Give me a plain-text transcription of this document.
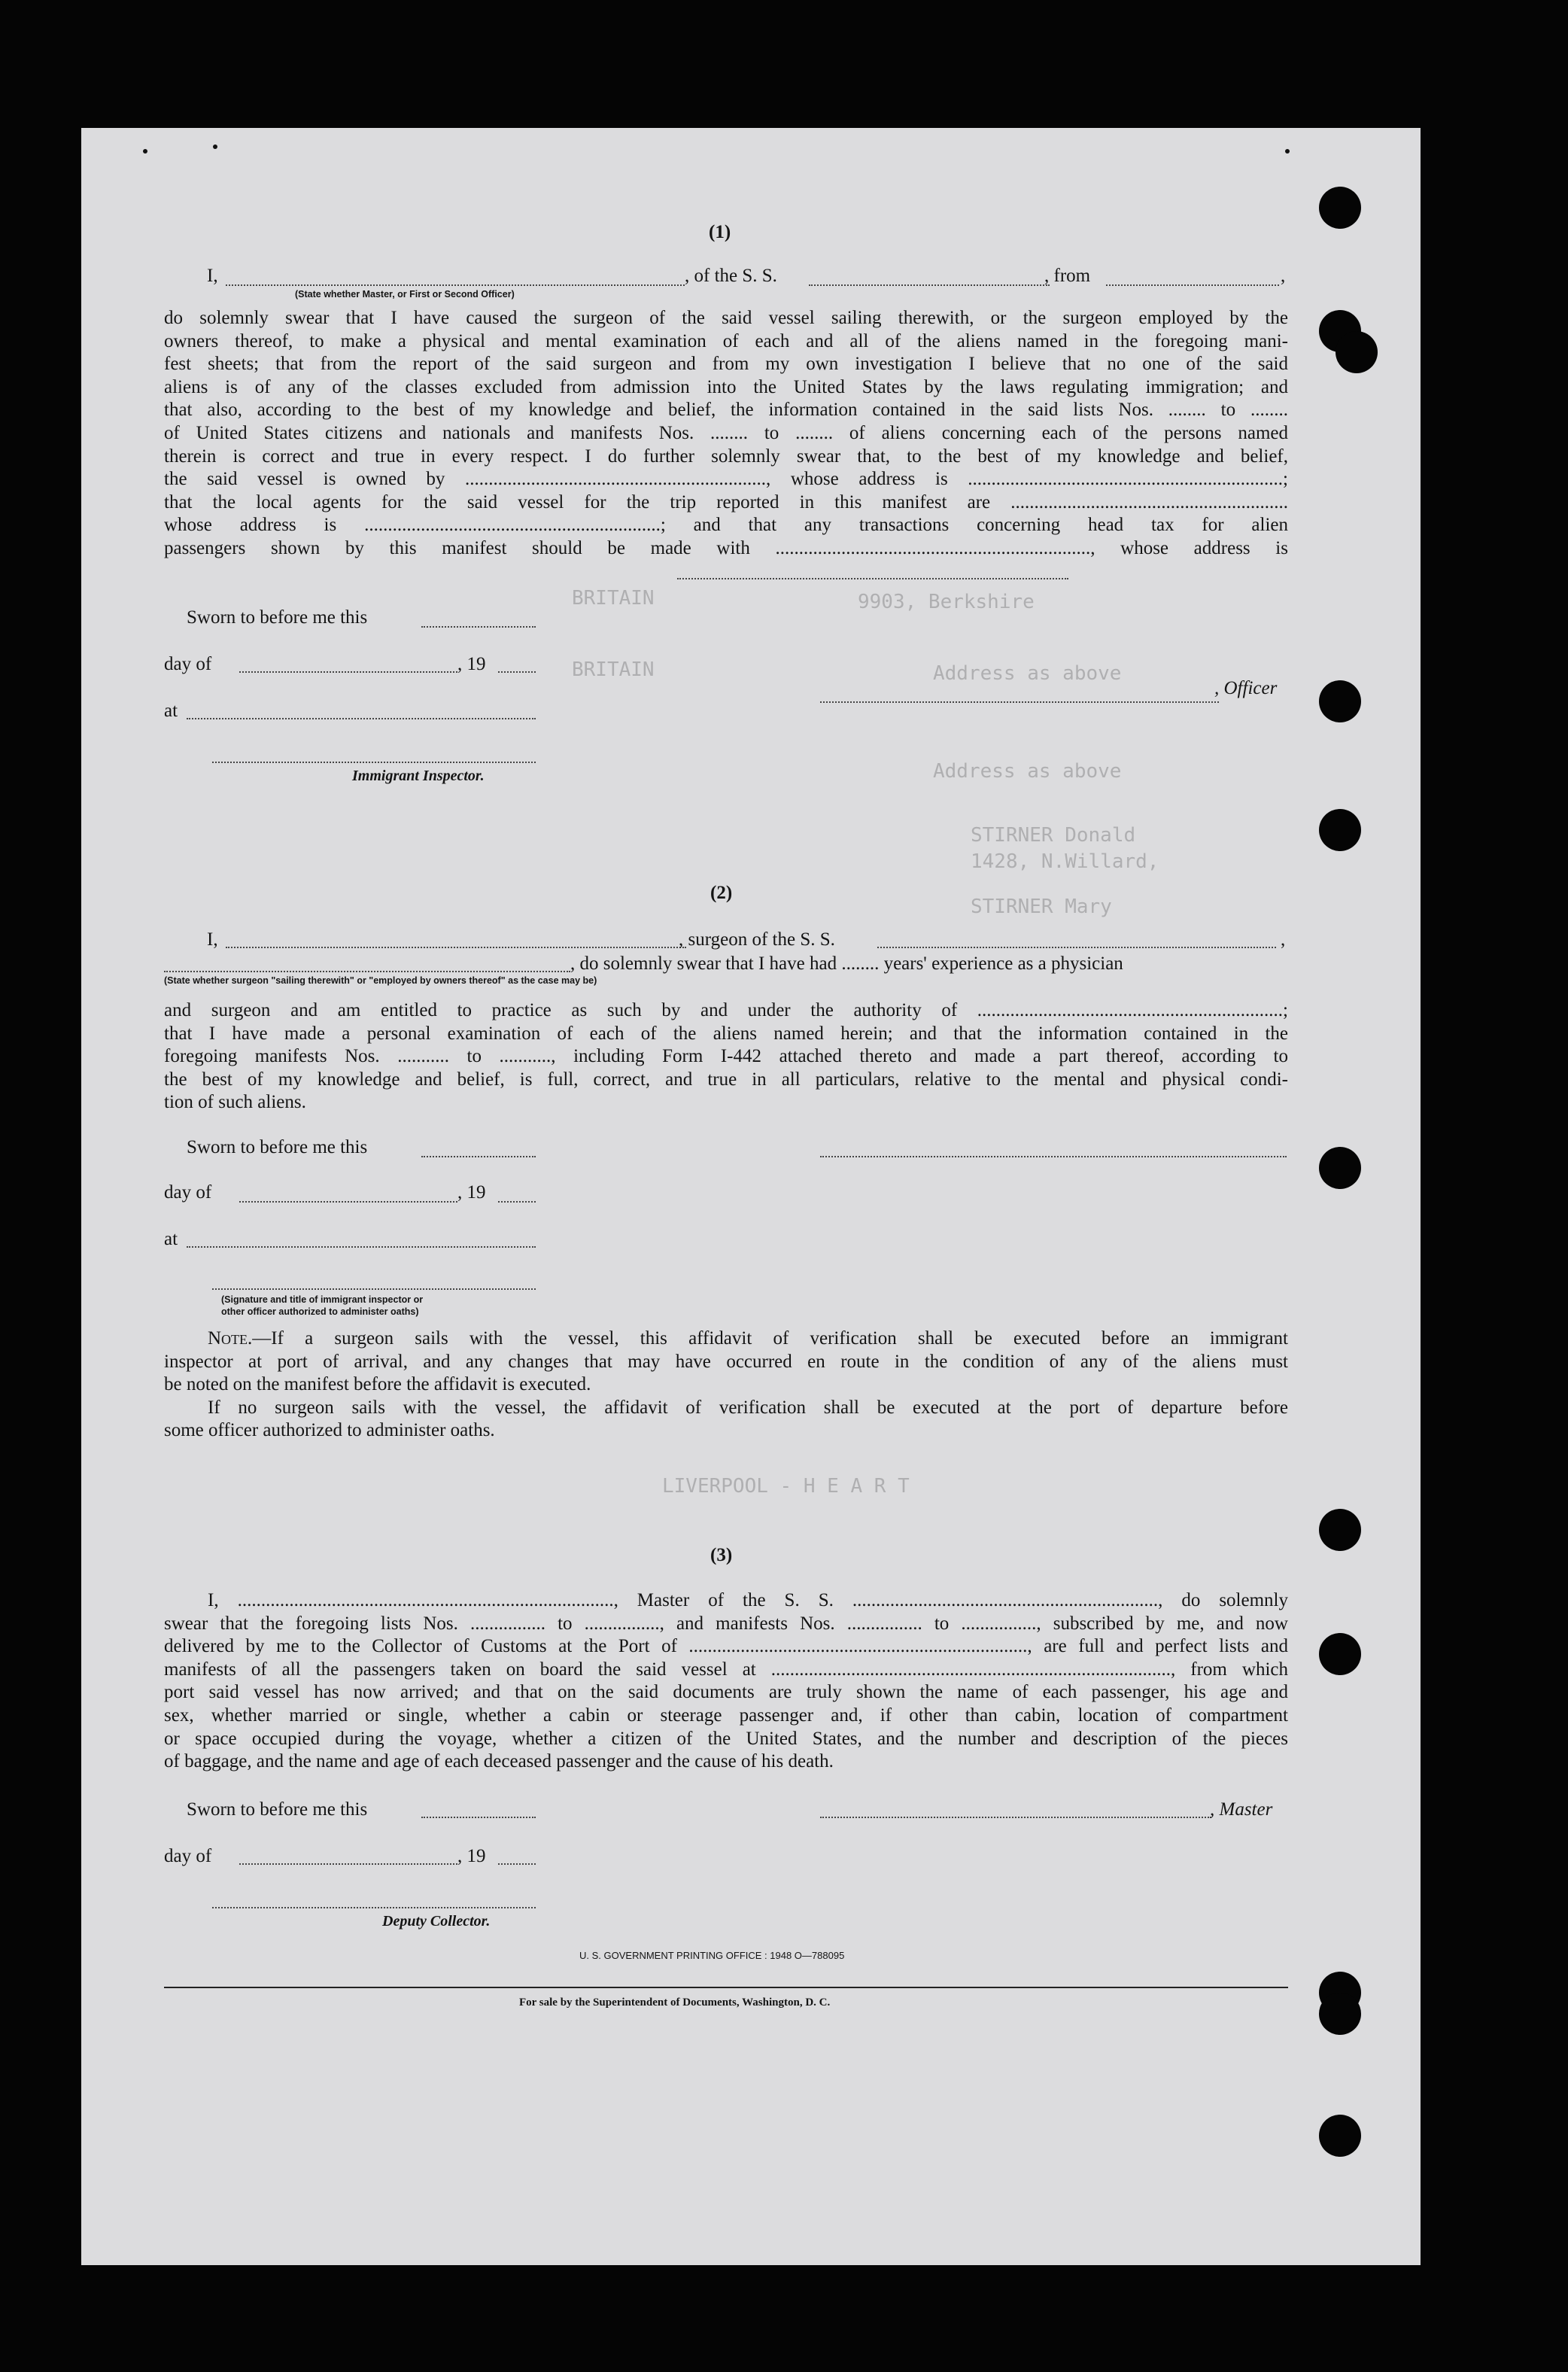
BRITAIN
BRITAIN	Address as above
9903, Berkshire
Address as above
STIRNER Donald
1428, N.Willard,
STIRNER Mary
LIVERPOOL - H E A R T
(1)
I,	, of the S. S.	, from	,
(State whether Master, or First or Second Officer)
do solemnly swear that I have caused the surgeon of the said vessel sailing therewith, or the surgeon employed by the
owners thereof, to make a physical and mental examination of each and all of the aliens named in the foregoing mani-
fest sheets; that from the report of the said surgeon and from my own investigation I believe that no one of the said
aliens is of any of the classes excluded from admission into the United States by the laws regulating immigration; and
that also, according to the best of my knowledge and belief, the information contained in the said lists Nos. ........ to ........
of United States citizens and nationals and manifests Nos. ........ to ........ of aliens concerning each of the persons named
therein is correct and true in every respect. I do further solemnly swear that, to the best of my knowledge and belief,
the said vessel is owned by ................................................................, whose address is ...................................................................;
that the local agents for the said vessel for the trip reported in this manifest are ...........................................................
whose address is ...............................................................; and that any transactions concerning head tax for alien
passengers shown by this manifest should be made with ..................................................................., whose address is
Sworn to before me this
day of	, 19
at
, Officer
Immigrant Inspector.
(2)
I,	, surgeon of the S. S.	,
, do solemnly swear that I have had ........ years' experience as a physician
(State whether surgeon "sailing therewith" or "employed by owners thereof" as the case may be)
and surgeon and am entitled to practice as such by and under the authority of .................................................................;
that I have made a personal examination of each of the aliens named herein; and that the information contained in the
foregoing manifests Nos. ........... to ..........., including Form I-442 attached thereto and made a part thereof, according to
the best of my knowledge and belief, is full, correct, and true in all particulars, relative to the mental and physical condi-
tion of such aliens.
Sworn to before me this
day of	, 19
at
(Signature and title of immigrant inspector or
other officer authorized to administer oaths)
Note.—If a surgeon sails with the vessel, this affidavit of verification shall be executed before an immigrant
inspector at port of arrival, and any changes that may have occurred en route in the condition of any of the aliens must
be noted on the manifest before the affidavit is executed.
If no surgeon sails with the vessel, the affidavit of verification shall be executed at the port of departure before
some officer authorized to administer oaths.
(3)
I, ................................................................................, Master of the S. S. ................................................................., do solemnly
swear that the foregoing lists Nos. ................ to ................, and manifests Nos. ................ to ................, subscribed by me, and now
delivered by me to the Collector of Customs at the Port of ........................................................................, are full and perfect lists and
manifests of all the passengers taken on board the said vessel at ....................................................................................., from which
port said vessel has now arrived; and that on the said documents are truly shown the name of each passenger, his age and
sex, whether married or single, whether a cabin or steerage passenger and, if other than cabin, location of compartment
or space occupied during the voyage, whether a citizen of the United States, and the number and description of the pieces
of baggage, and the name and age of each deceased passenger and the cause of his death.
Sworn to before me this	, Master
day of	, 19
Deputy Collector.
U. S. GOVERNMENT PRINTING OFFICE : 1948 O—788095
For sale by the Superintendent of Documents, Washington, D. C.
